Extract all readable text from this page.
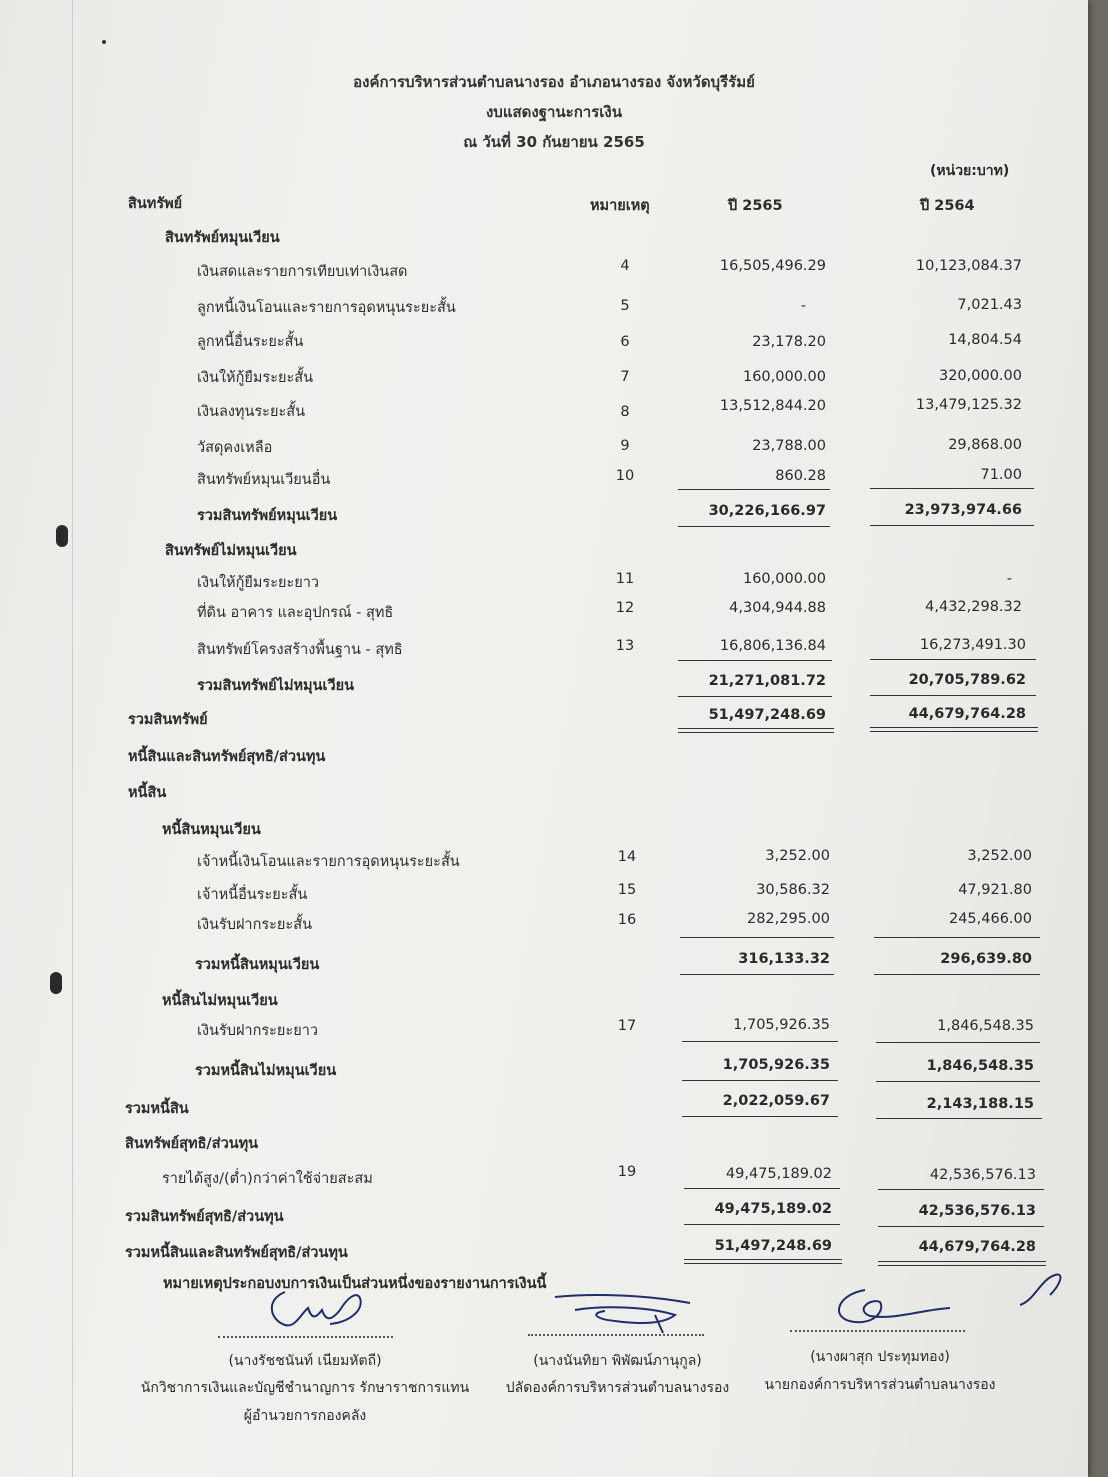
องค์การบริหารส่วนตำบลนางรอง อำเภอนางรอง จังหวัดบุรีรัมย์
งบแสดงฐานะการเงิน
ณ วันที่ 30 กันยายน 2565
(หน่วย:บาท)
สินทรัพย์	หมายเหตุ	ปี 2565	ปี 2564
สินทรัพย์หมุนเวียน
เงินสดและรายการเทียบเท่าเงินสด	4	16,505,496.29	10,123,084.37
ลูกหนี้เงินโอนและรายการอุดหนุนระยะสั้น	5	-	7,021.43
ลูกหนี้อื่นระยะสั้น	6	23,178.20	14,804.54
เงินให้กู้ยืมระยะสั้น	7	160,000.00	320,000.00
เงินลงทุนระยะสั้น	8	13,512,844.20	13,479,125.32
วัสดุคงเหลือ	9	23,788.00	29,868.00
สินทรัพย์หมุนเวียนอื่น	10	860.28	71.00
รวมสินทรัพย์หมุนเวียน	30,226,166.97	23,973,974.66
สินทรัพย์ไม่หมุนเวียน
เงินให้กู้ยืมระยะยาว	11	160,000.00	-
ที่ดิน อาคาร และอุปกรณ์ - สุทธิ	12	4,304,944.88	4,432,298.32
สินทรัพย์โครงสร้างพื้นฐาน - สุทธิ	13	16,806,136.84	16,273,491.30
รวมสินทรัพย์ไม่หมุนเวียน	21,271,081.72	20,705,789.62
รวมสินทรัพย์	51,497,248.69	44,679,764.28
หนี้สินและสินทรัพย์สุทธิ/ส่วนทุน
หนี้สิน
หนี้สินหมุนเวียน
เจ้าหนี้เงินโอนและรายการอุดหนุนระยะสั้น	14	3,252.00	3,252.00
เจ้าหนี้อื่นระยะสั้น	15	30,586.32	47,921.80
เงินรับฝากระยะสั้น	16	282,295.00	245,466.00
รวมหนี้สินหมุนเวียน	316,133.32	296,639.80
หนี้สินไม่หมุนเวียน
เงินรับฝากระยะยาว	17	1,705,926.35	1,846,548.35
รวมหนี้สินไม่หมุนเวียน	1,705,926.35	1,846,548.35
รวมหนี้สิน	2,022,059.67	2,143,188.15
สินทรัพย์สุทธิ/ส่วนทุน
รายได้สูง/(ต่ำ)กว่าค่าใช้จ่ายสะสม	19	49,475,189.02	42,536,576.13
รวมสินทรัพย์สุทธิ/ส่วนทุน	49,475,189.02	42,536,576.13
รวมหนี้สินและสินทรัพย์สุทธิ/ส่วนทุน	51,497,248.69	44,679,764.28
หมายเหตุประกอบงบการเงินเป็นส่วนหนึ่งของรายงานการเงินนี้
(นางรัชชนันท์ เนียมหัตถี)
นักวิชาการเงินและบัญชีชำนาญการ รักษาราชการแทน
ผู้อำนวยการกองคลัง
(นางนันทิยา พิพัฒน์ภานุกูล)
ปลัดองค์การบริหารส่วนตำบลนางรอง
(นางผาสุก ประทุมทอง)
นายกองค์การบริหารส่วนตำบลนางรอง
